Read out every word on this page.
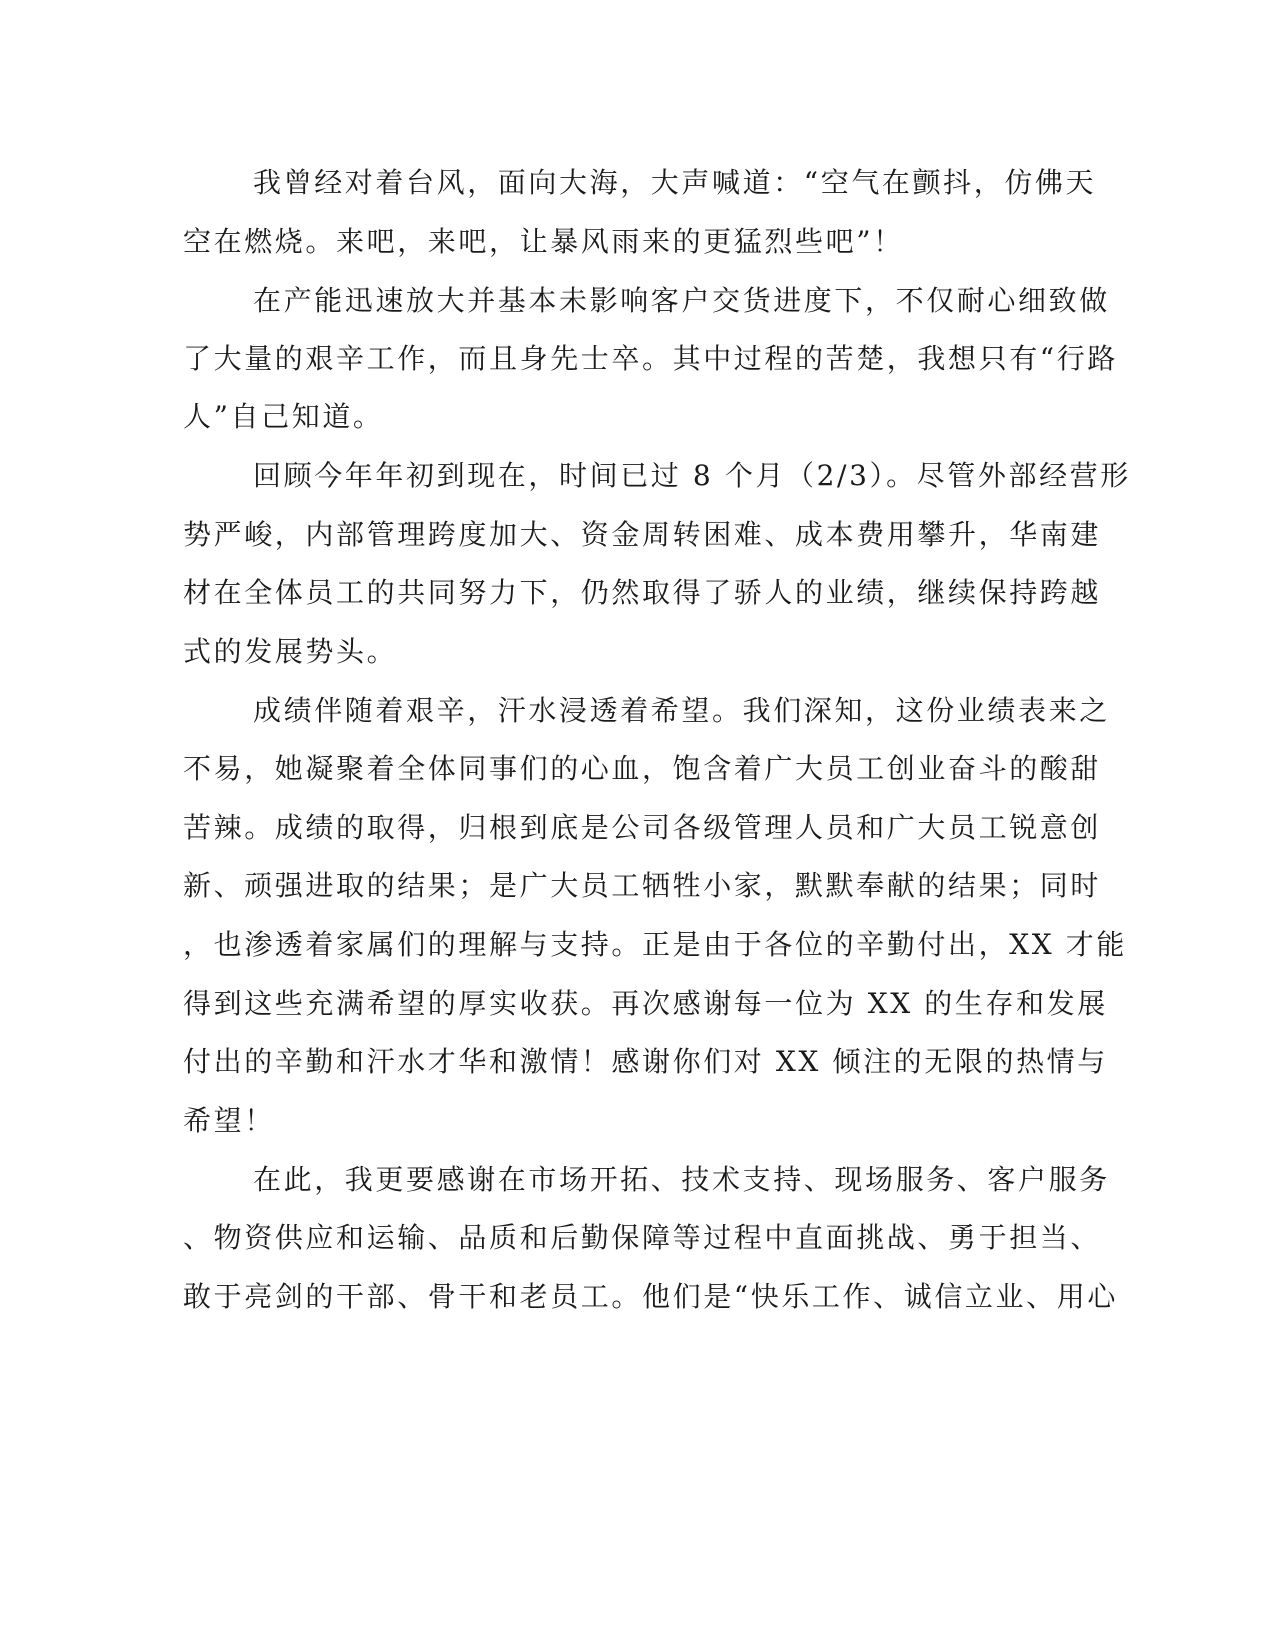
我曾经对着台风，面向大海，大声喊道：“空气在颤抖，仿佛天
空在燃烧。来吧，来吧，让暴风雨来的更猛烈些吧”！
在产能迅速放大并基本未影响客户交货进度下，不仅耐心细致做
了大量的艰辛工作，而且身先士卒。其中过程的苦楚，我想只有“行路
人”自己知道。
回顾今年年初到现在，时间已过 8 个月（2/3）。尽管外部经营形
势严峻，内部管理跨度加大、资金周转困难、成本费用攀升，华南建
材在全体员工的共同努力下，仍然取得了骄人的业绩，继续保持跨越
式的发展势头。
成绩伴随着艰辛，汗水浸透着希望。我们深知，这份业绩表来之
不易，她凝聚着全体同事们的心血，饱含着广大员工创业奋斗的酸甜
苦辣。成绩的取得，归根到底是公司各级管理人员和广大员工锐意创
新、顽强进取的结果；是广大员工牺牲小家，默默奉献的结果；同时
，也渗透着家属们的理解与支持。正是由于各位的辛勤付出，XX 才能
得到这些充满希望的厚实收获。再次感谢每一位为 XX 的生存和发展
付出的辛勤和汗水才华和激情！感谢你们对 XX 倾注的无限的热情与
希望！
在此，我更要感谢在市场开拓、技术支持、现场服务、客户服务
、物资供应和运输、品质和后勤保障等过程中直面挑战、勇于担当、
敢于亮剑的干部、骨干和老员工。他们是“快乐工作、诚信立业、用心
